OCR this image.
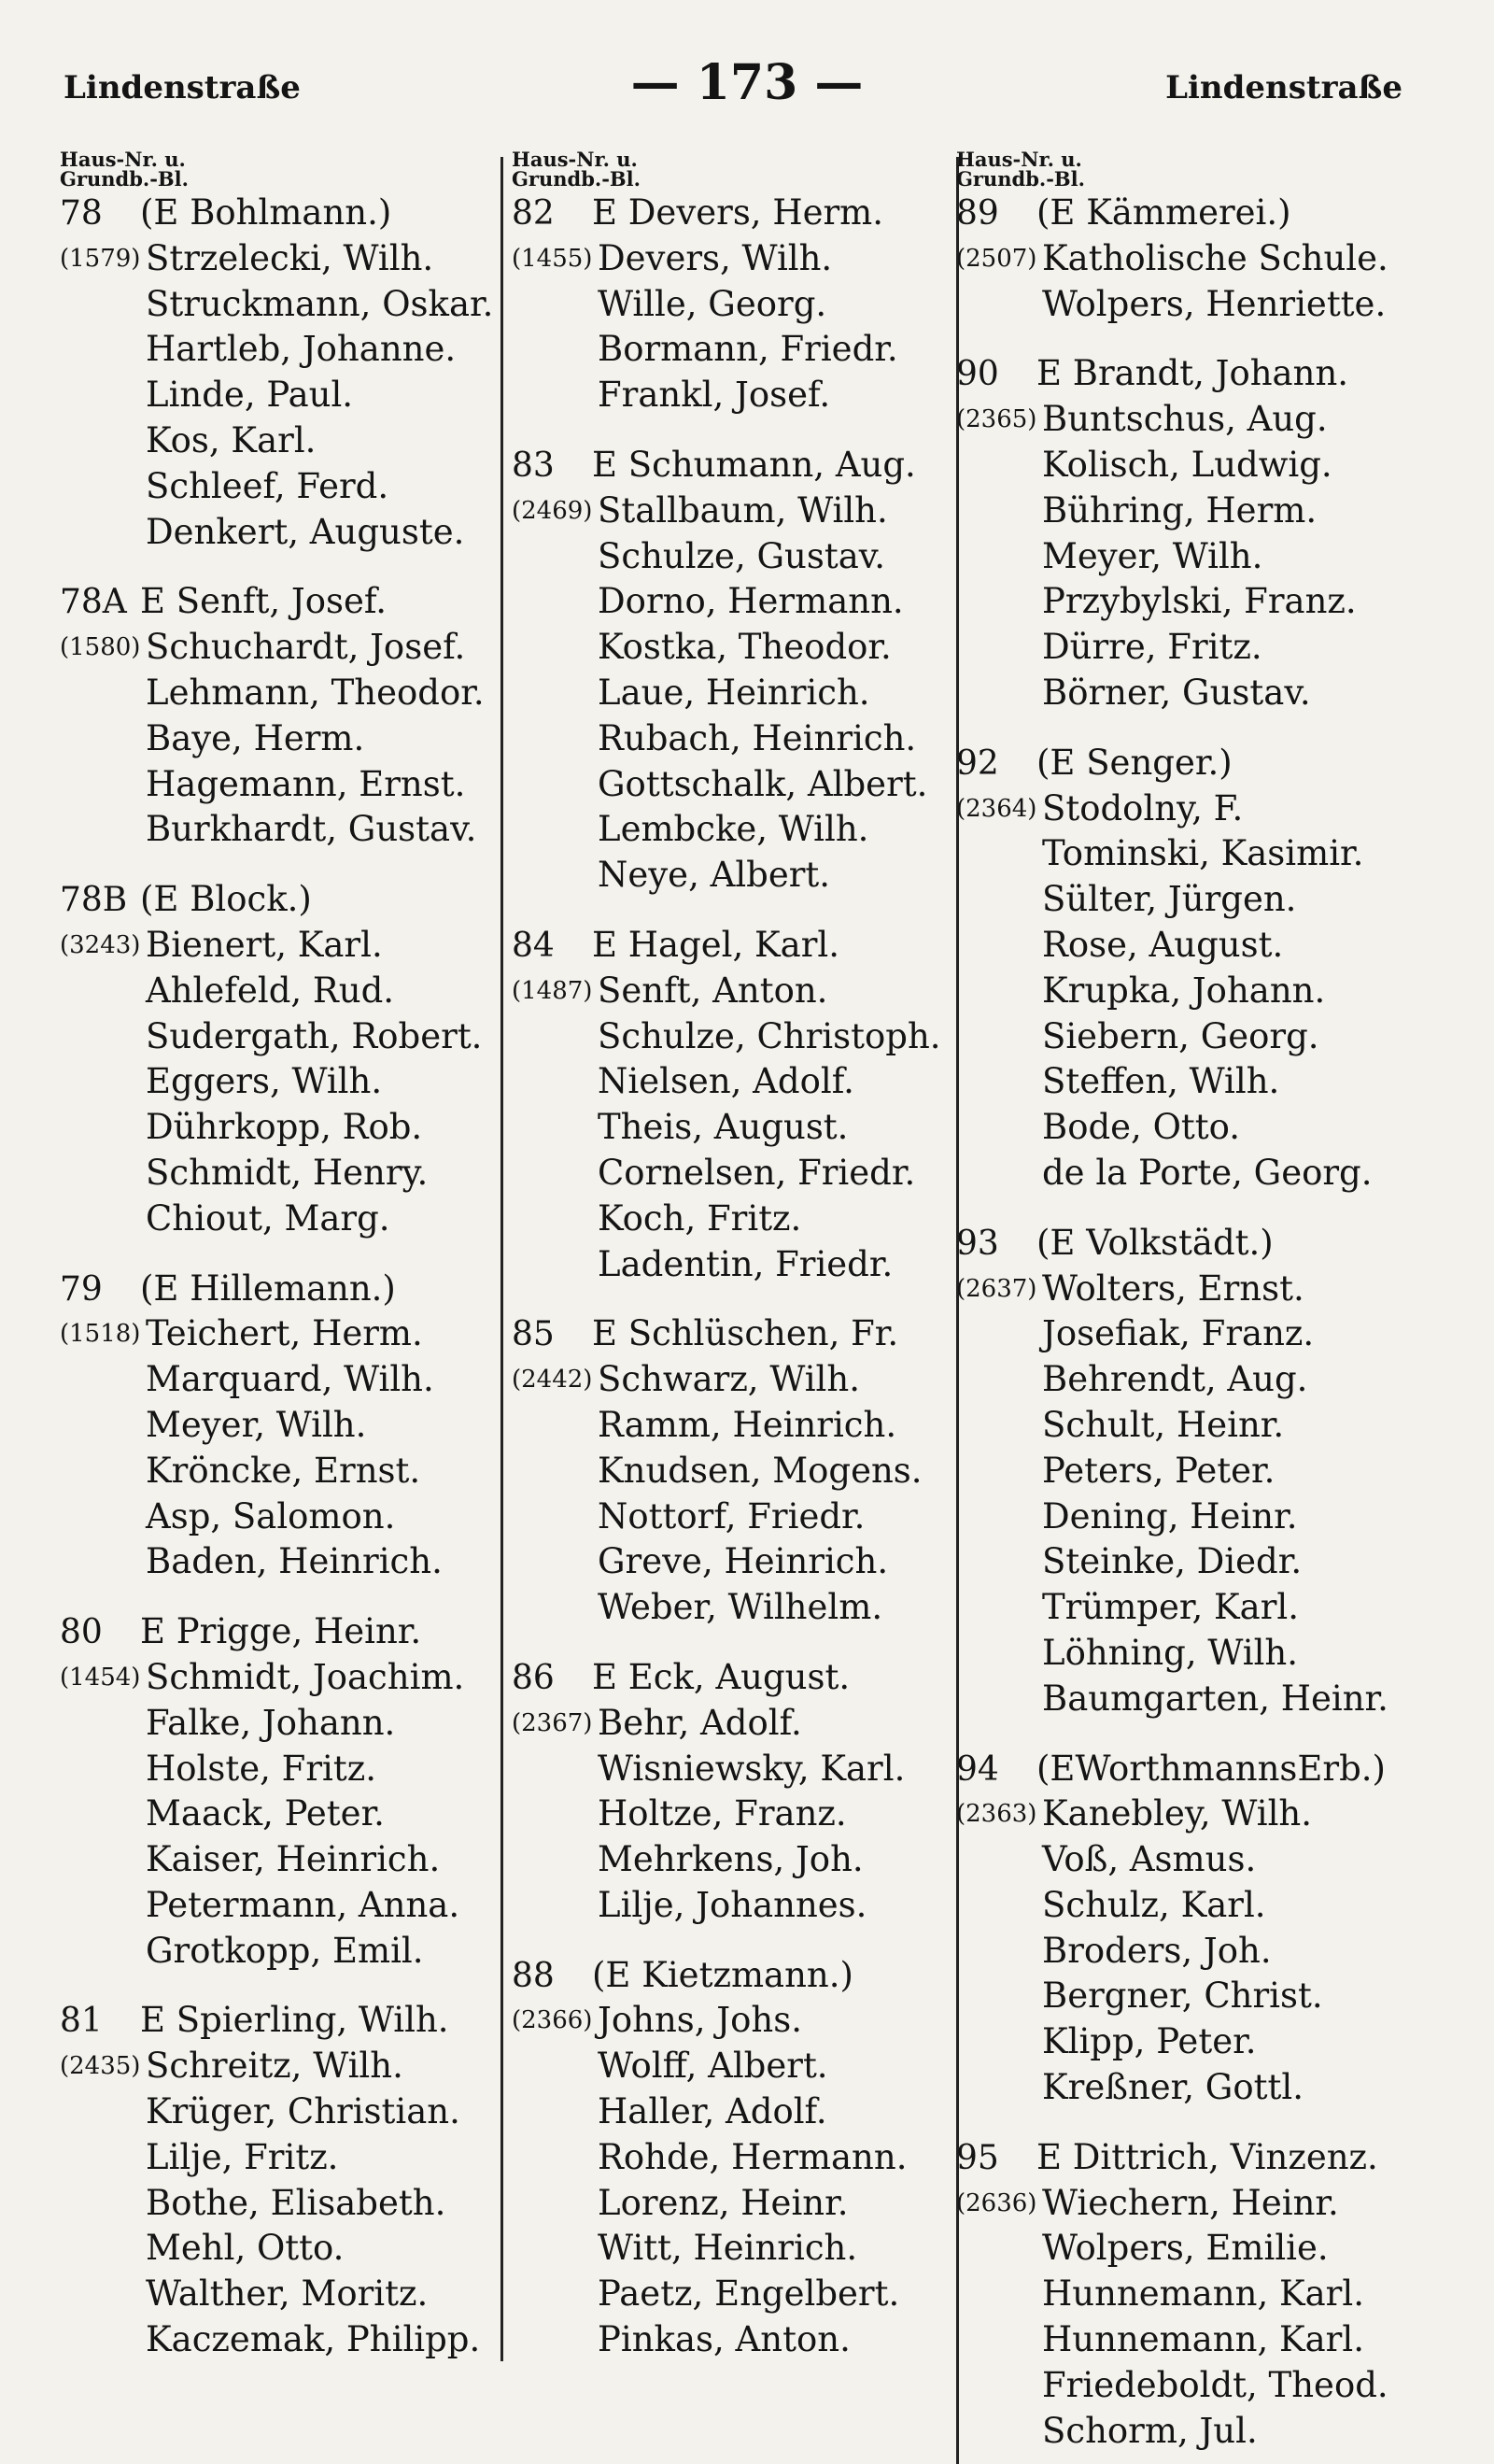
Lindenstraße	— 173 —	Lindenstraße
Haus-Nr. u. Grundb.-Bl.
78 (E Bohlmann.)
(1579) Strzelecki, Wilh.
Struckmann, Oskar.
Hartleb, Johanne.
Linde, Paul.
Kos, Karl.
Schleef, Ferd.
Denkert, Auguste.
78A E Senft, Josef.
(1580) Schuchardt, Josef.
Lehmann, Theodor.
Baye, Herm.
Hagemann, Ernst.
Burkhardt, Gustav.
78B (E Block.)
(3243) Bienert, Karl.
Ahlefeld, Rud.
Sudergath, Robert.
Eggers, Wilh.
Dührkopp, Rob.
Schmidt, Henry.
Chiout, Marg.
79 (E Hillemann.)
(1518) Teichert, Herm.
Marquard, Wilh.
Meyer, Wilh.
Kröncke, Ernst.
Asp, Salomon.
Baden, Heinrich.
80 E Prigge, Heinr.
(1454) Schmidt, Joachim.
Falke, Johann.
Holste, Fritz.
Maack, Peter.
Kaiser, Heinrich.
Petermann, Anna.
Grotkopp, Emil.
81 E Spierling, Wilh.
(2435) Schreitz, Wilh.
Krüger, Christian.
Lilje, Fritz.
Bothe, Elisabeth.
Mehl, Otto.
Walther, Moritz.
Kaczemak, Philipp.
Haus-Nr. u. Grundb.-Bl.
82 E Devers, Herm.
(1455) Devers, Wilh.
Wille, Georg.
Bormann, Friedr.
Frankl, Josef.
83 E Schumann, Aug.
(2469) Stallbaum, Wilh.
Schulze, Gustav.
Dorno, Hermann.
Kostka, Theodor.
Laue, Heinrich.
Rubach, Heinrich.
Gottschalk, Albert.
Lembcke, Wilh.
Neye, Albert.
84 E Hagel, Karl.
(1487) Senft, Anton.
Schulze, Christoph.
Nielsen, Adolf.
Theis, August.
Cornelsen, Friedr.
Koch, Fritz.
Ladentin, Friedr.
85 E Schlüschen, Fr.
(2442) Schwarz, Wilh.
Ramm, Heinrich.
Knudsen, Mogens.
Nottorf, Friedr.
Greve, Heinrich.
Weber, Wilhelm.
86 E Eck, August.
(2367) Behr, Adolf.
Wisniewsky, Karl.
Holtze, Franz.
Mehrkens, Joh.
Lilje, Johannes.
88 (E Kietzmann.)
(2366) Johns, Johs.
Wolff, Albert.
Haller, Adolf.
Rohde, Hermann.
Lorenz, Heinr.
Witt, Heinrich.
Paetz, Engelbert.
Pinkas, Anton.
Haus-Nr. u. Grundb.-Bl.
89 (E Kämmerei.)
(2507) Katholische Schule.
Wolpers, Henriette.
90 E Brandt, Johann.
(2365) Buntschus, Aug.
Kolisch, Ludwig.
Bühring, Herm.
Meyer, Wilh.
Przybylski, Franz.
Dürre, Fritz.
Börner, Gustav.
92 (E Senger.)
(2364) Stodolny, F.
Tominski, Kasimir.
Sülter, Jürgen.
Rose, August.
Krupka, Johann.
Siebern, Georg.
Steffen, Wilh.
Bode, Otto.
de la Porte, Georg.
93 (E Volkstädt.)
(2637) Wolters, Ernst.
Josefiak, Franz.
Behrendt, Aug.
Schult, Heinr.
Peters, Peter.
Dening, Heinr.
Steinke, Diedr.
Trümper, Karl.
Löhning, Wilh.
Baumgarten, Heinr.
94 (EWorthmannsErb.)
(2363) Kanebley, Wilh.
Voß, Asmus.
Schulz, Karl.
Broders, Joh.
Bergner, Christ.
Klipp, Peter.
Kreßner, Gottl.
95 E Dittrich, Vinzenz.
(2636) Wiechern, Heinr.
Wolpers, Emilie.
Hunnemann, Karl.
Hunnemann, Karl.
Friedeboldt, Theod.
Schorm, Jul.
